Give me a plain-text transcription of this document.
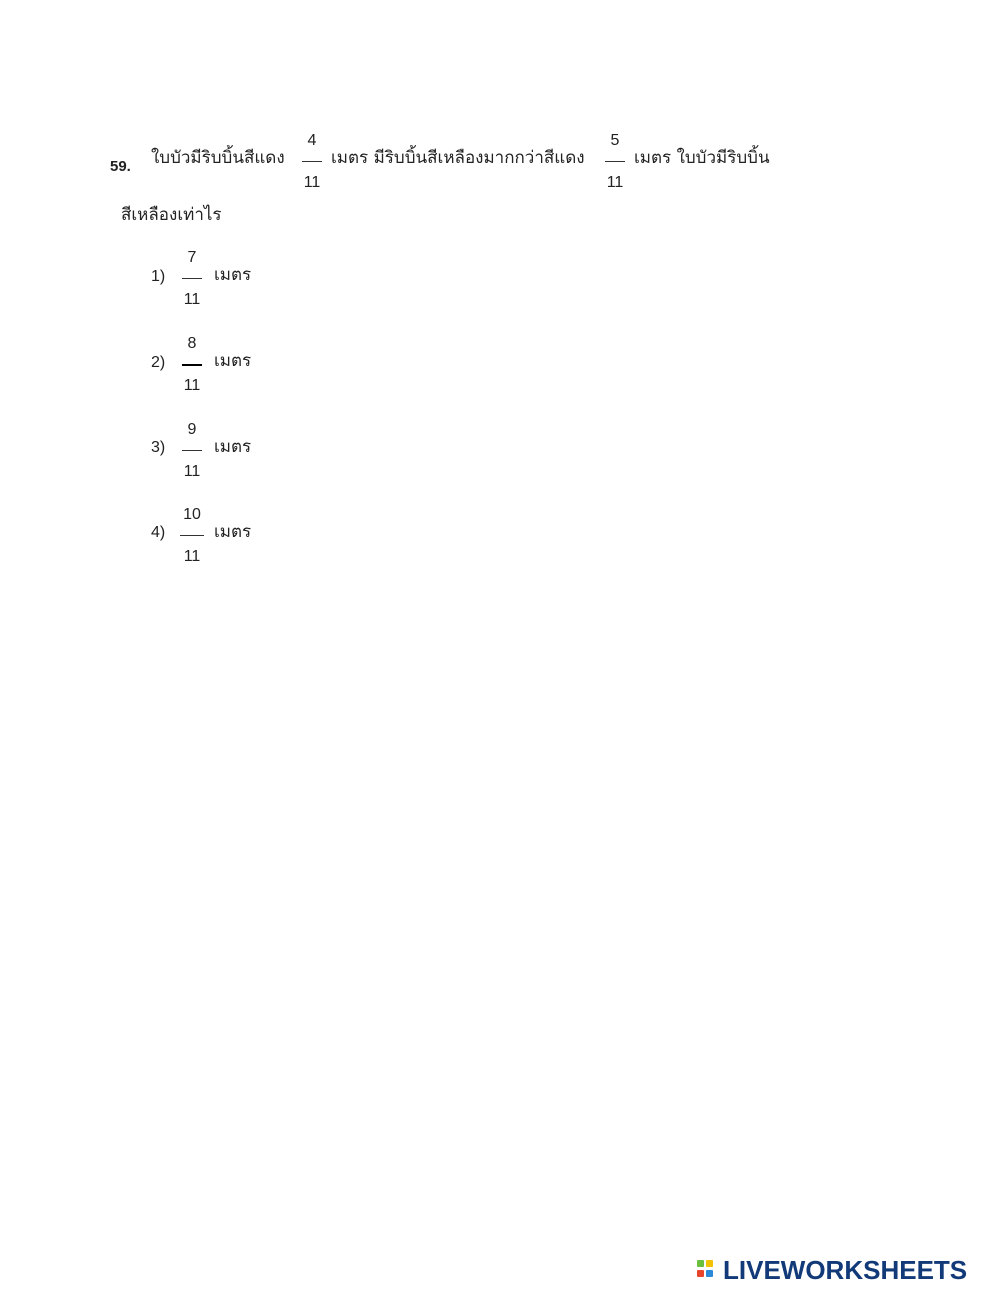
59. ใบบัวมีริบบิ้นสีแดง
4
11
เมตร มีริบบิ้นสีเหลืองมากกว่าสีแดง
5
11
เมตร ใบบัวมีริบบิ้น
สีเหลืองเท่าไร
1)
7
11
เมตร
2)
8
11
เมตร
3)
9
11
เมตร
4)
10
11
เมตร
LIVEWORKSHEETS
